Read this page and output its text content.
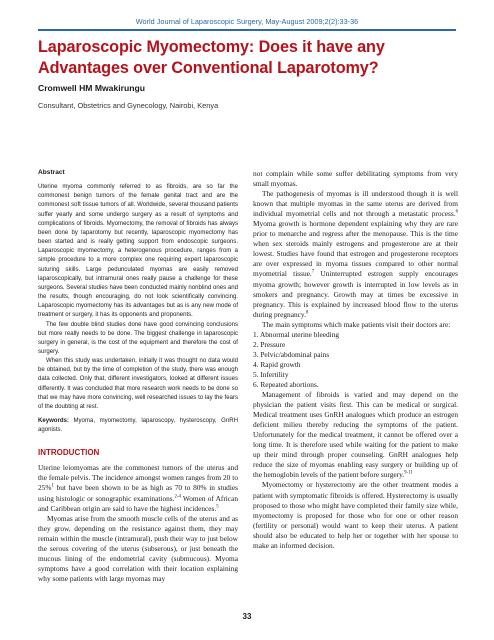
World Journal of Laparoscopic Surgery, May-August 2009;2(2):33-36
Laparoscopic Myomectomy: Does it have any
Advantages over Conventional Laparotomy?
Cromwell HM Mwakirungu
Consultant, Obstetrics and Gynecology, Nairobi, Kenya
Abstract

Uterine myoma commonly referred to as fibroids, are so far the commonest benign tumors of the female genital tract and are the commonest soft tissue tumors of all. Worldwide, several thousand patients suffer yearly and some undergo surgery as a result of symptoms and complications of fibroids. Myomectomy, the removal of fibroids has always been done by laparotomy but recently, laparoscopic myomectomy has been started and is really getting support from endoscopic surgeons. Laparoscopic myomectomy, a heterogenous procedure, ranges from a simple procedure to a more complex one requiring expert laparoscopic suturing skills. Large pedunculated myomas are easily removed laparoscopically, but intramural ones really pause a challenge for these surgeons. Several studies have been conducted mainly nonblind ones and the results, though encouraging, do not look scientifically convincing. Laparoscopic myomectomy has its advantages but as is any new mode of treatment or surgery, it has its opponents and proponents.

The few double blind studies done have good convincing conclusions but more really needs to be done. The biggest challenge in laparoscopic surgery in general, is the cost of the equipment and therefore the cost of surgery.

When this study was undertaken, initially it was thought no data would be obtained, but by the time of completion of the study, there was enough data collected. Only that, different investigators, looked at different issues differently. It was concluded that more research work needs to be done so that we may have more convincing, well researched issues to lay the fears of the doubting at rest.

Keywords: Myoma, myomectomy, laparoscopy, hysteroscopy, GnRH agonists.

INTRODUCTION

Uterine leiomyomas are the commonest tumors of the uterus and the female pelvis. The incidence amongst women ranges from 20 to 25%$^1$ but have been shown to be as high as 70 to 80% in studies using histologic or sonographic examinations.$^{2-4}$ Women of African and Caribbean origin are said to have the highest incidences.$^5$

Myomas arise from the smooth muscle cells of the uterus and as they grow, depending on the resistance against them, they may remain within the muscle (intramural), push their way to just below the serous covering of the uterus (subserous), or just beneath the mucous lining of the endometrial cavity (submucous). Myoma symptoms have a good correlation with their location explaining why some patients with large myomas may

not complain while some suffer debilitating symptoms from very small myomas.

The pathogenesis of myomas is ill understood though it is well known that multiple myomas in the same uterus are derived from individual myometrial cells and not through a metastatic process.$^6$ Myoma growth is hormone dependent explaining why they are rare prior to menarche and regress after the menopause. This is the time when sex steroids mainly estrogens and progesterone are at their lowest. Studies have found that estrogen and progesterone receptors are over expressed in myoma tissues compared to other normal myometrial tissue.$^7$ Uninterrupted estrogen supply encourages myoma growth; however growth is interrupted in low levels as in smokers and pregnancy. Growth may at times be excessive in pregnancy. This is explained by increased blood flow to the uterus during pregnancy.$^8$

The main symptoms which make patients visit their doctors are:

1. Abnormal uterine bleeding
2. Pressure
3. Pelvic/abdominal pains
4. Rapid growth
5. Infertility
6. Repeated abortions.

Management of fibroids is varied and may depend on the physician the patient visits first. This can be medical or surgical. Medical treatment uses GnRH analogues which produce an estrogen deficient milieu thereby reducing the symptoms of the patient. Unfortunately for the medical treatment, it cannot be offered over a long time. It is therefore used while waiting for the patient to make up their mind through proper counseling. GnRH analogues help reduce the size of myomas enabling easy surgery or building up of the hemoglobin levels of the patient before surgery.$^{9-11}$

Myomectomy or hysterectomy are the other treatment modes a patient with symptomatic fibroids is offered. Hysterectomy is usually proposed to those who might have completed their family size while, myomectomy is proposed for those who for one or other reason (fertility or personal) would want to keep their uterus. A patient should also be educated to help her or together with her spouse to make an informed decision.

33
